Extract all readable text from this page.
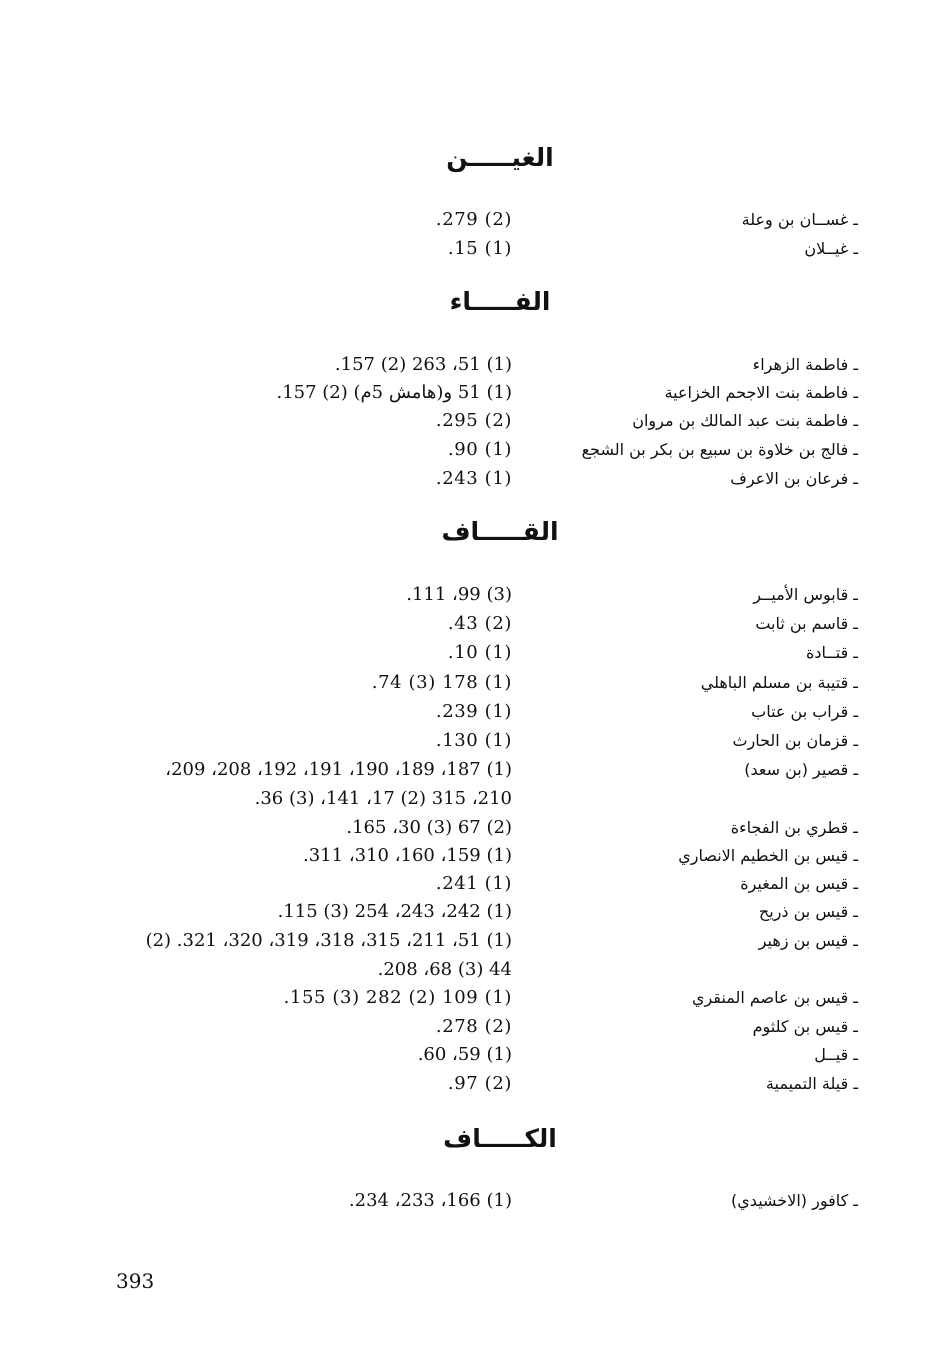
الغيـــــن
ـ غســان بن وعلة
(2) 279.
ـ غيــلان
(1) 15.
الفـــــاء
ـ فاطمة الزهراء
(1) 51، 263 (2) 157.
ـ فاطمة بنت الاجحم الخزاعية
(1) 51 و(هامش 5م) (2) 157.
ـ فاطمة بنت عبد المالك بن مروان
(2) 295.
ـ فالج بن خلاوة بن سبيع بن بكر بن الشجع
(1) 90.
ـ فرعان بن الاعرف
(1) 243.
القـــــاف
ـ قابوس الأميــر
(3) 99، 111.
ـ قاسم بن ثابت
(2) 43.
ـ قتــادة
(1) 10.
ـ قتيبة بن مسلم الباهلي
(1) 178 (3) 74.
ـ قراب بن عتاب
(1) 239.
ـ قزمان بن الحارث
(1) 130.
ـ قصير (بن سعد)
(1) 187، 189، 190، 191، 192، 208، 209،
210، 315 (2) 17، 141، (3) 36.
ـ قطري بن الفجاءة
(2) 67 (3) 30، 165.
ـ قيس بن الخطيم الانصاري
(1) 159، 160، 310، 311.
ـ قيس بن المغيرة
(1) 241.
ـ قيس بن ذريح
(1) 242، 243، 254 (3) 115.
ـ قيس بن زهير
(1) 51، 211، 315، 318، 319، 320، 321. (2)
44 (3) 68، 208.
ـ قيس بن عاصم المنقري
(1) 109 (2) 282 (3) 155.
ـ قيس بن كلثوم
(2) 278.
ـ قيــل
(1) 59، 60.
ـ قيلة التميمية
(2) 97.
الكـــــاف
ـ كافور (الاخشيدي)
(1) 166، 233، 234.
393
